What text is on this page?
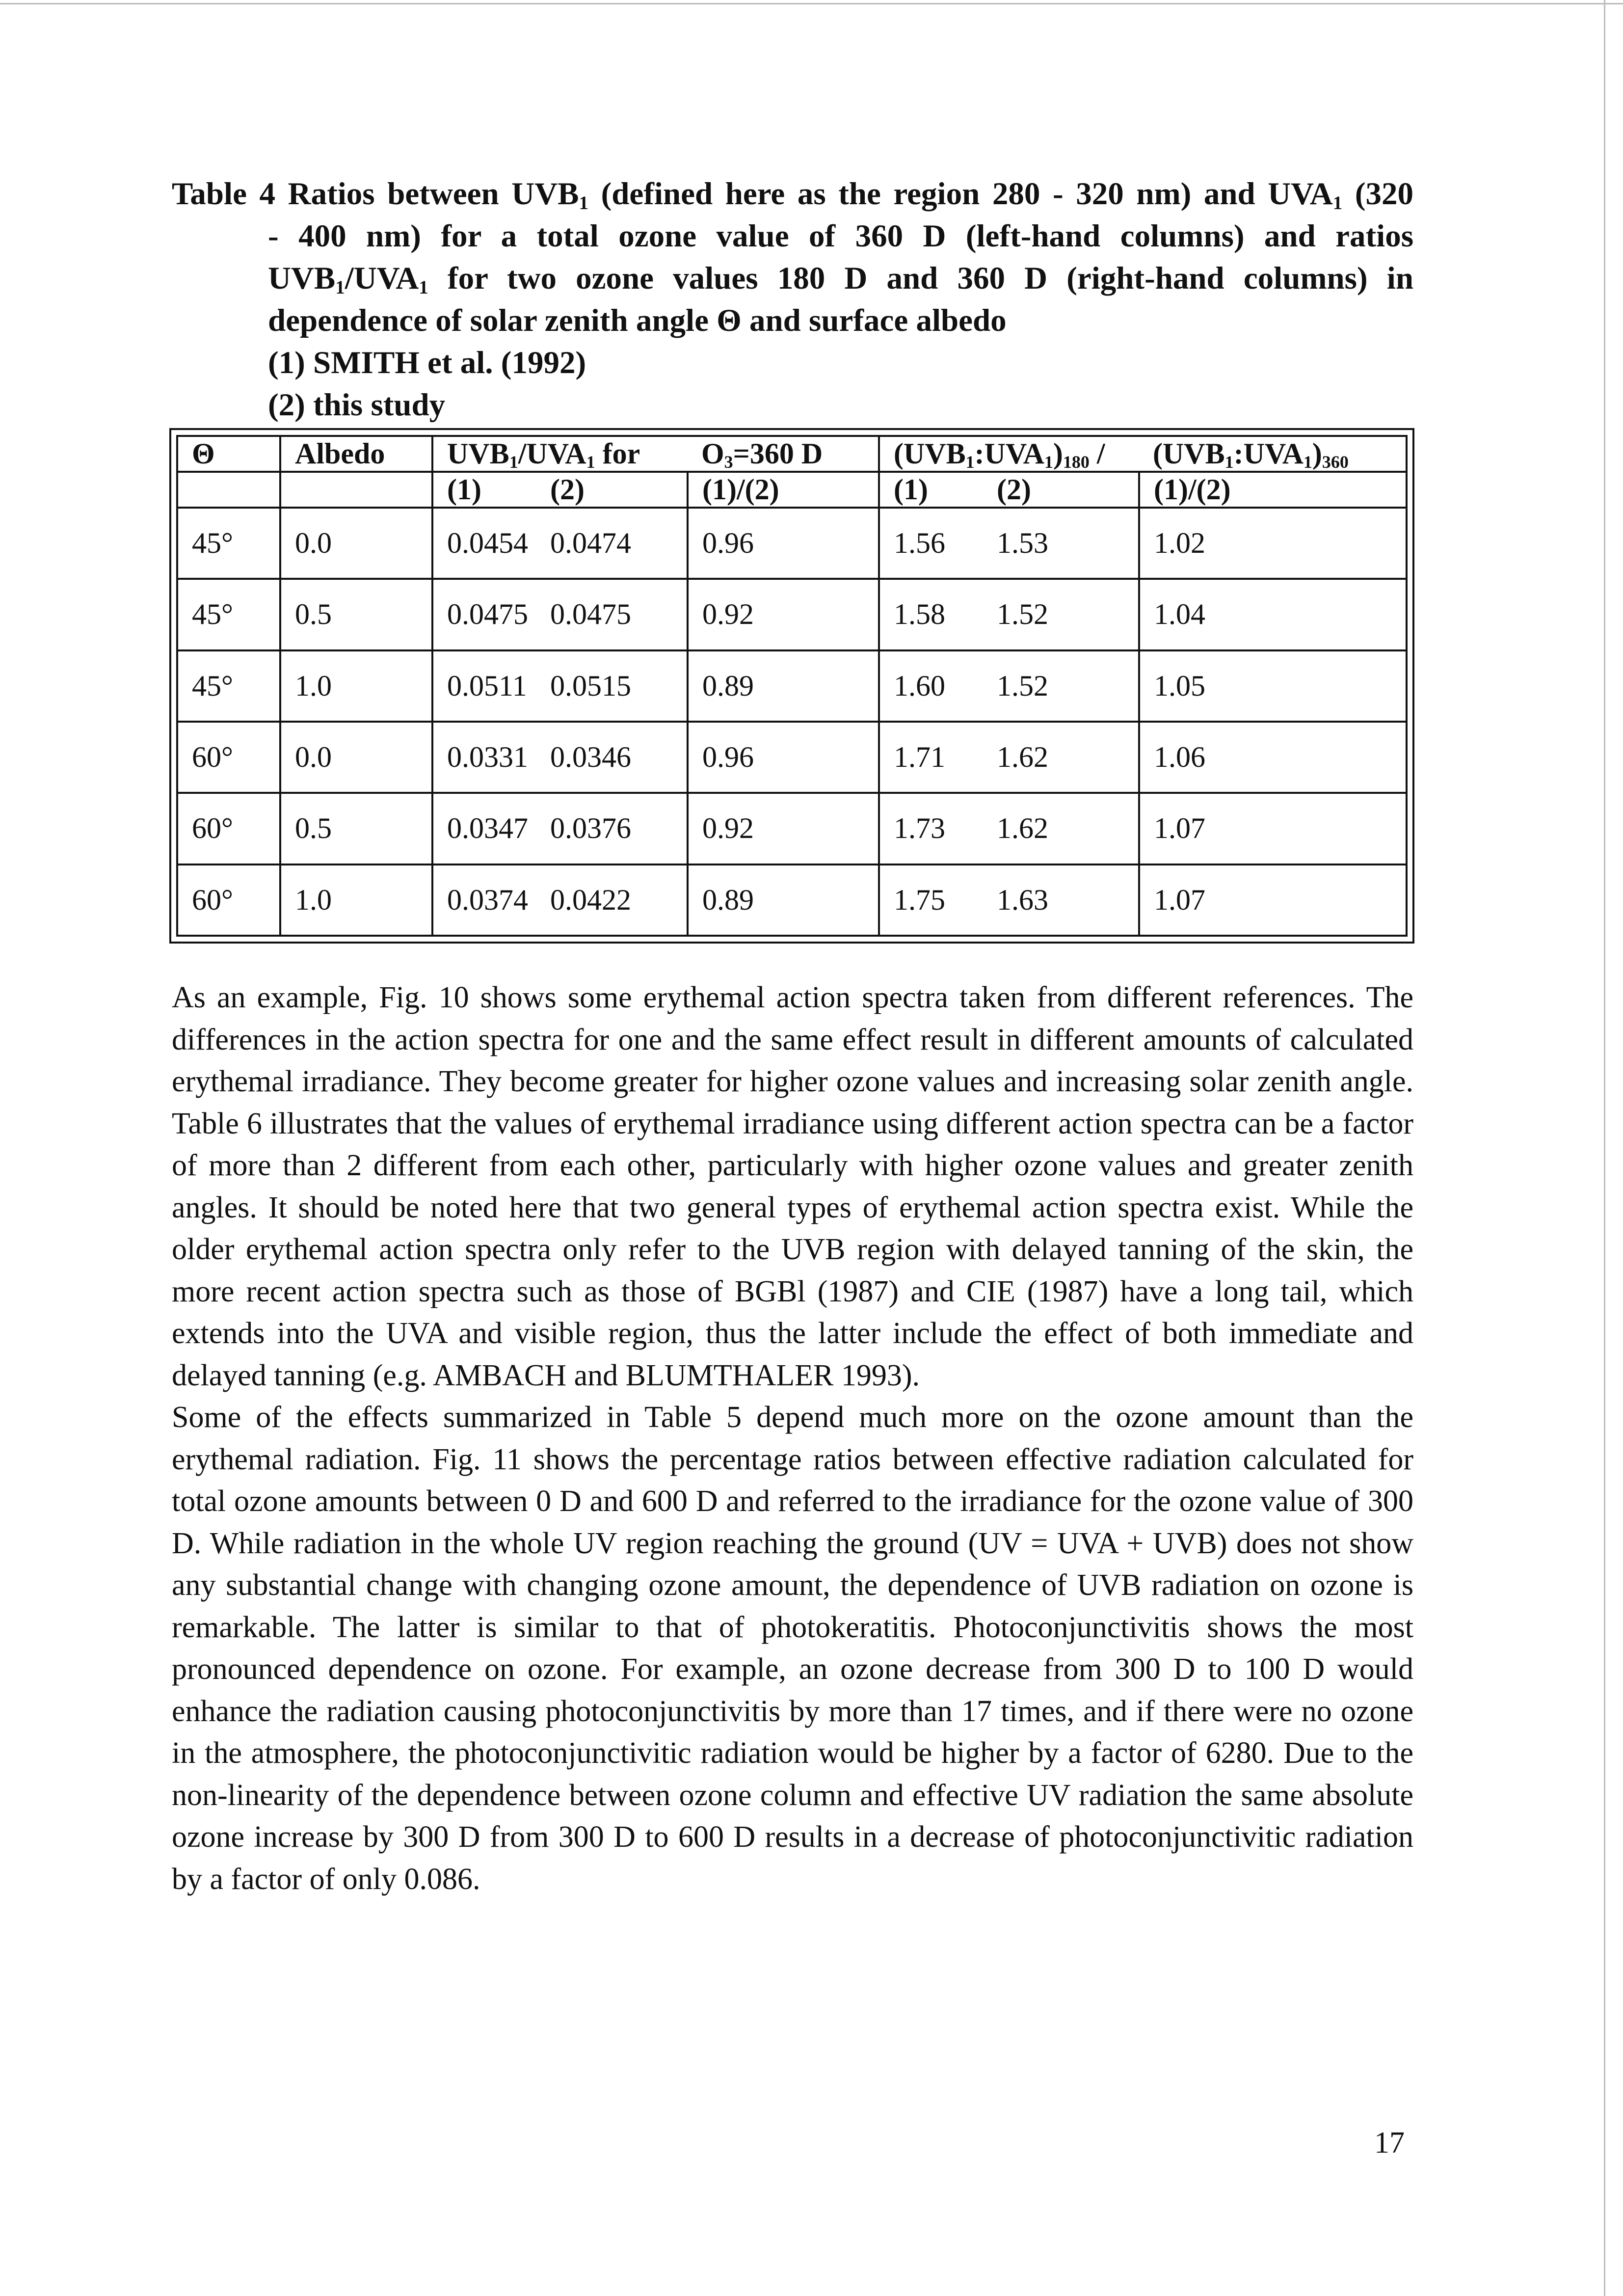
Table 4 Ratios between $UVB_1$ (defined here as the region 280 - 320 nm) and $UVA_1$ (320
- 400 nm) for a total ozone value of 360 D (left-hand columns) and ratios
$UVB_1/UVA_1$ for two ozone values 180 D and 360 D (right-hand columns) in
dependence of solar zenith angle Θ and surface albedo
(1) SMITH et al. (1992)
(2) this study
Θ	Albedo	$UVB_1/UVA_1$ for	$O_3=360$ D	$(UVB_1:UVA_1)_{180}$ /	$(UVB_1:UVA_1)_{360}$
		(1) (2)	(1)/(2)	(1) (2)	(1)/(2)
45°	0.0	0.0454 0.0474	0.96	1.56 1.53	1.02
45°	0.5	0.0475 0.0475	0.92	1.58 1.52	1.04
45°	1.0	0.0511 0.0515	0.89	1.60 1.52	1.05
60°	0.0	0.0331 0.0346	0.96	1.71 1.62	1.06
60°	0.5	0.0347 0.0376	0.92	1.73 1.62	1.07
60°	1.0	0.0374 0.0422	0.89	1.75 1.63	1.07

As an example, Fig. 10 shows some erythemal action spectra taken from different references. The differences in the action spectra for one and the same effect result in different amounts of calculated erythemal irradiance. They become greater for higher ozone values and increasing solar zenith angle. Table 6 illustrates that the values of erythemal irradiance using different action spectra can be a factor of more than 2 different from each other, particularly with higher ozone values and greater zenith angles. It should be noted here that two general types of erythemal action spectra exist. While the older erythemal action spectra only refer to the UVB region with delayed tanning of the skin, the more recent action spectra such as those of BGBl (1987) and CIE (1987) have a long tail, which extends into the UVA and visible region, thus the latter include the effect of both immediate and delayed tanning (e.g. AMBACH and BLUMTHALER 1993).

Some of the effects summarized in Table 5 depend much more on the ozone amount than the erythemal radiation. Fig. 11 shows the percentage ratios between effective radiation calculated for total ozone amounts between 0 D and 600 D and referred to the irradiance for the ozone value of 300 D. While radiation in the whole UV region reaching the ground (UV = UVA + UVB) does not show any substantial change with changing ozone amount, the dependence of UVB radiation on ozone is remarkable. The latter is similar to that of photokeratitis. Photoconjunctivitis shows the most pronounced dependence on ozone. For example, an ozone decrease from 300 D to 100 D would enhance the radiation causing photoconjunctivitis by more than 17 times, and if there were no ozone in the atmosphere, the photoconjunctivitic radiation would be higher by a factor of 6280. Due to the non-linearity of the dependence between ozone column and effective UV radiation the same absolute ozone increase by 300 D from 300 D to 600 D results in a decrease of photoconjunctivitic radiation by a factor of only 0.086.

17
